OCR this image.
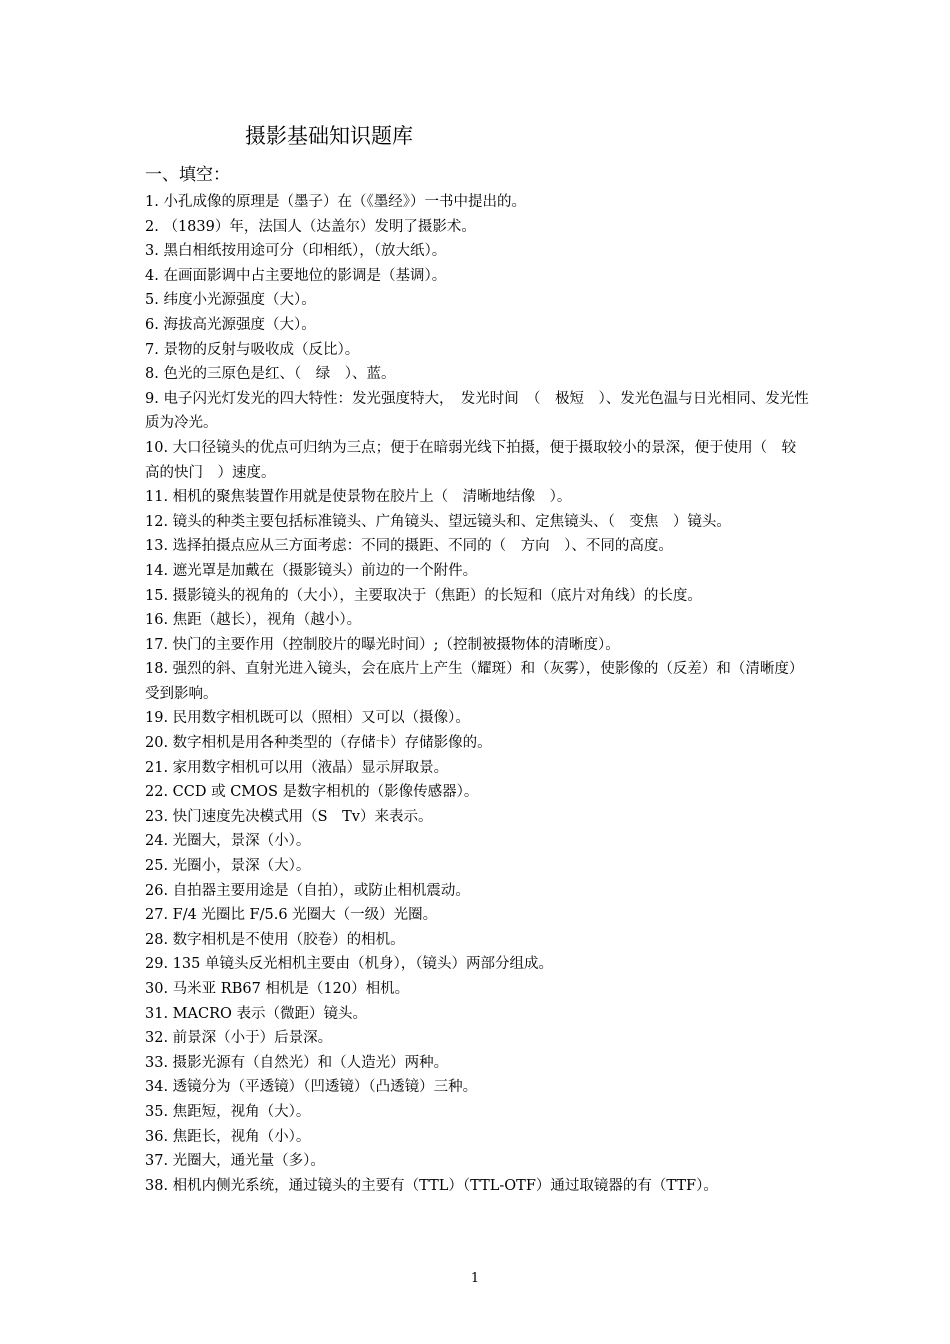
摄影基础知识题库
一、填空：

1. 小孔成像的原理是（墨子）在（《墨经》）一书中提出的。

2. （1839）年，法国人（达盖尔）发明了摄影术。

3. 黑白相纸按用途可分（印相纸），（放大纸）。

4. 在画面影调中占主要地位的影调是（基调）。

5. 纬度小光源强度（大）。

6. 海拔高光源强度（大）。

7. 景物的反射与吸收成（反比）。

8. 色光的三原色是红、（　绿　）、蓝。

9. 电子闪光灯发光的四大特性：发光强度特大，　发光时间　（　极短　）、发光色温与日光相同、发光性质为冷光。

10. 大口径镜头的优点可归纳为三点；便于在暗弱光线下拍摄，便于摄取较小的景深，便于使用（　较高的快门　）速度。

11. 相机的聚焦装置作用就是使景物在胶片上（　清晰地结像　）。

12. 镜头的种类主要包括标准镜头、广角镜头、望远镜头和、定焦镜头、（　变焦　）镜头。

13. 选择拍摄点应从三方面考虑：不同的摄距、不同的（　方向　）、不同的高度。

14. 遮光罩是加戴在（摄影镜头）前边的一个附件。

15. 摄影镜头的视角的（大小），主要取决于（焦距）的长短和（底片对角线）的长度。

16. 焦距（越长），视角（越小）。

17. 快门的主要作用（控制胶片的曝光时间）;（控制被摄物体的清晰度）。

18. 强烈的斜、直射光进入镜头，会在底片上产生（耀斑）和（灰雾），使影像的（反差）和（清晰度）受到影响。

19. 民用数字相机既可以（照相）又可以（摄像）。

20. 数字相机是用各种类型的（存储卡）存储影像的。

21. 家用数字相机可以用（液晶）显示屏取景。

22. CCD 或 CMOS 是数字相机的（影像传感器）。

23. 快门速度先决模式用（S　Tv）来表示。

24. 光圈大，景深（小）。

25. 光圈小，景深（大）。

26. 自拍器主要用途是（自拍），或防止相机震动。

27. F/4 光圈比 F/5.6 光圈大（一级）光圈。

28. 数字相机是不使用（胶卷）的相机。

29. 135 单镜头反光相机主要由（机身），（镜头）两部分组成。

30. 马米亚 RB67 相机是（120）相机。

31. MACRO 表示（微距）镜头。

32. 前景深（小于）后景深。

33. 摄影光源有（自然光）和（人造光）两种。

34. 透镜分为（平透镜）（凹透镜）（凸透镜）三种。

35. 焦距短，视角（大）。

36. 焦距长，视角（小）。

37. 光圈大，通光量（多）。

38. 相机内侧光系统，通过镜头的主要有（TTL）（TTL-OTF）通过取镜器的有（TTF）。

1
